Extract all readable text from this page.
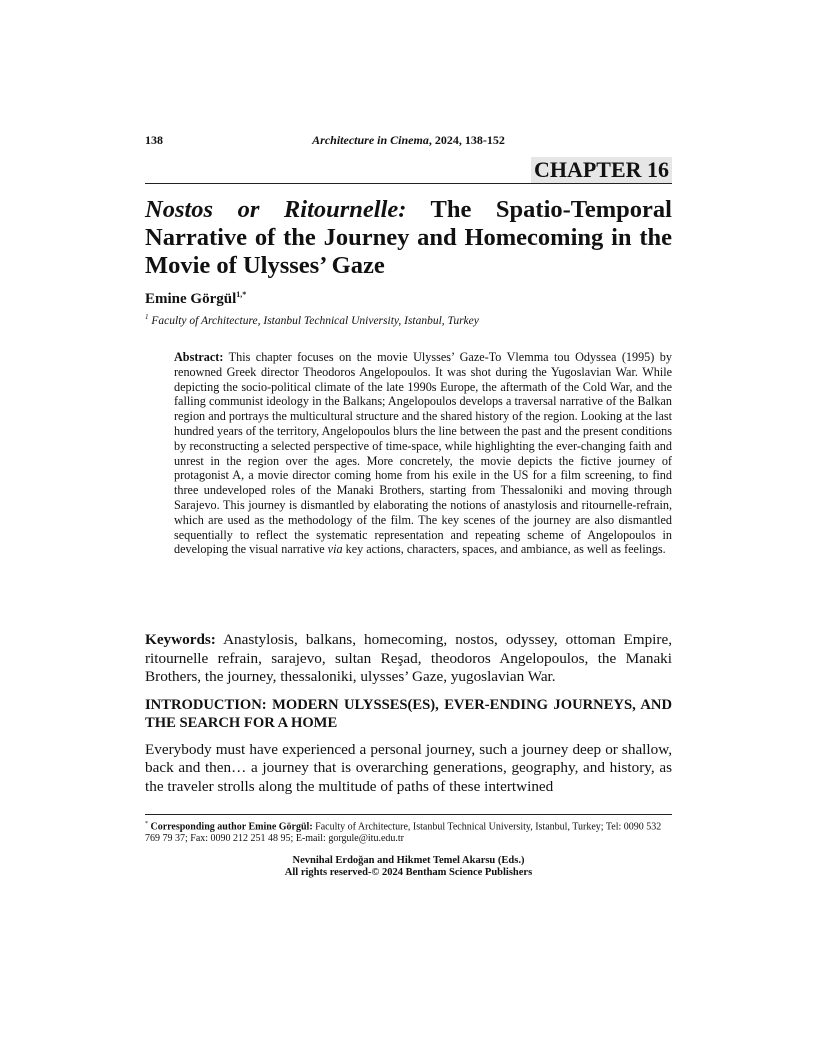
138	Architecture in Cinema, 2024, 138-152
CHAPTER 16
Nostos or Ritournelle: The Spatio-Temporal Narrative of the Journey and Homecoming in the Movie of Ulysses’ Gaze
Emine Görgül$^{1,*}$
$^1$ Faculty of Architecture, Istanbul Technical University, Istanbul, Turkey
Abstract: This chapter focuses on the movie Ulysses’ Gaze-To Vlemma tou Odyssea (1995) by renowned Greek director Theodoros Angelopoulos. It was shot during the Yugoslavian War. While depicting the socio-political climate of the late 1990s Europe, the aftermath of the Cold War, and the falling communist ideology in the Balkans; Angelopoulos develops a traversal narrative of the Balkan region and portrays the multicultural structure and the shared history of the region. Looking at the last hundred years of the territory, Angelopoulos blurs the line between the past and the present conditions by reconstructing a selected perspective of time-space, while highlighting the ever-changing faith and unrest in the region over the ages. More concretely, the movie depicts the fictive journey of protagonist A, a movie director coming home from his exile in the US for a film screening, to find three undeveloped roles of the Manaki Brothers, starting from Thessaloniki and moving through Sarajevo. This journey is dismantled by elaborating the notions of anastylosis and ritournelle-refrain, which are used as the methodology of the film. The key scenes of the journey are also dismantled sequentially to reflect the systematic representation and repeating scheme of Angelopoulos in developing the visual narrative via key actions, characters, spaces, and ambiance, as well as feelings.
Keywords: Anastylosis, balkans, homecoming, nostos, odyssey, ottoman Empire, ritournelle refrain, sarajevo, sultan Reşad, theodoros Angelopoulos, the Manaki Brothers, the journey, thessaloniki, ulysses’ Gaze, yugoslavian War.
INTRODUCTION: MODERN ULYSSES(ES), EVER-ENDING JOURNEYS, AND THE SEARCH FOR A HOME
Everybody must have experienced a personal journey, such a journey deep or shallow, back and then… a journey that is overarching generations, geography, and history, as the traveler strolls along the multitude of paths of these intertwined
* Corresponding author Emine Görgül: Faculty of Architecture, Istanbul Technical University, Istanbul, Turkey; Tel: 0090 532 769 79 37; Fax: 0090 212 251 48 95; E-mail: gorgule@itu.edu.tr
Nevnihal Erdoğan and Hikmet Temel Akarsu (Eds.)
All rights reserved-© 2024 Bentham Science Publishers
